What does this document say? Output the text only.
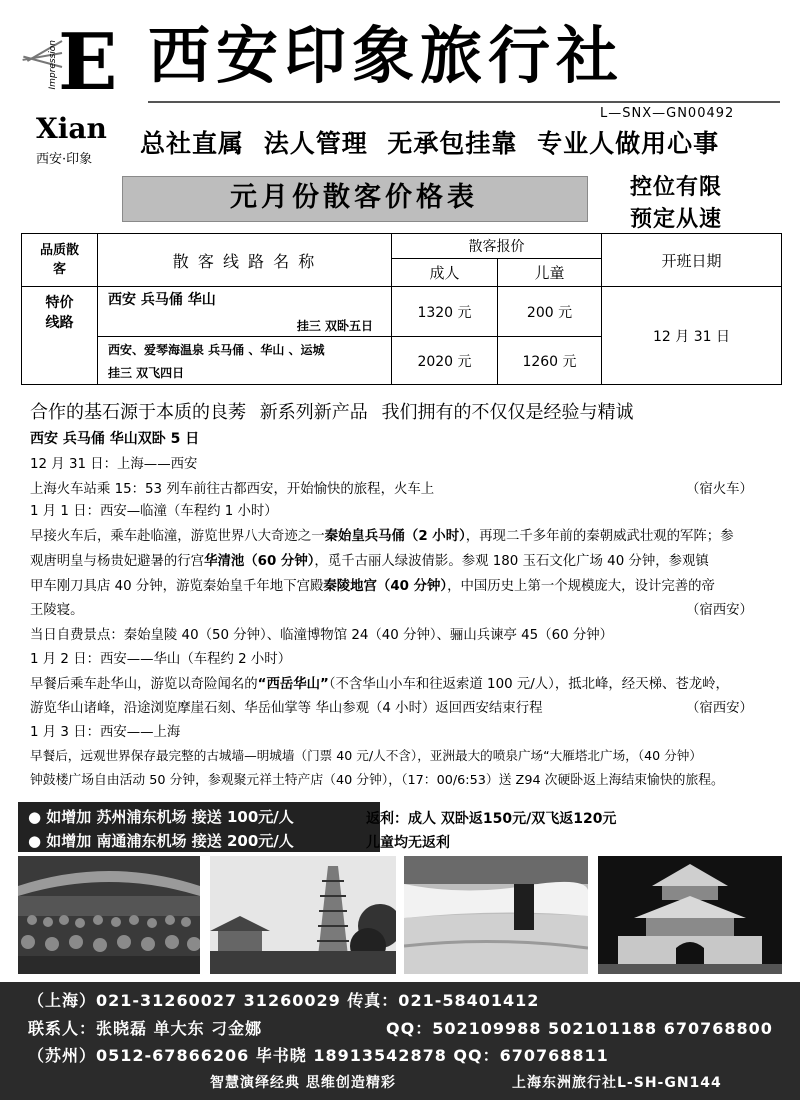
E
Impression
Xian
西安·印象
西安印象旅行社
L—SNX—GN00492
总社直属 法人管理 无承包挂靠 专业人做用心事
元月份散客价格表	控位有限
预定从速
品质散客	散 客 线 路 名 称	散客报价		开班日期
		成人	儿童	
特价线路	西安 兵马俑 华山
挂三 双卧五日	1320 元	200 元	12 月 31 日

	西安、爱琴海温泉 兵马俑 、华山 、运城
挂三 双飞四日	2020 元	1260 元	
合作的基石源于本质的良莠 新系列新产品 我们拥有的不仅仅是经验与精诚
西安 兵马俑 华山双卧 5 日
12 月 31 日：上海——西安
上海火车站乘 15：53 列车前往古都西安，开始愉快的旅程，火车上	（宿火车）
1 月 1 日：西安—临潼（车程约 1 小时）
早接火车后，乘车赴临潼，游览世界八大奇迹之一秦始皇兵马俑（2 小时），再现二千多年前的秦朝威武壮观的军阵；参
观唐明皇与杨贵妃避暑的行宫华清池（60 分钟），觅千古丽人绿波倩影。参观 180 玉石文化广场 40 分钟，参观镇
甲车刚刀具店 40 分钟，游览秦始皇千年地下宫殿秦陵地宫（40 分钟），中国历史上第一个规模庞大，设计完善的帝
王陵寝。	（宿西安）
当日自费景点：秦始皇陵 40（50 分钟）、临潼博物馆 24（40 分钟）、骊山兵谏亭 45（60 分钟）
1 月 2 日：西安——华山（车程约 2 小时）
早餐后乘车赴华山，游览以奇险闻名的“西岳华山”（不含华山小车和往返索道 100 元/人），抵北峰，经天梯、苍龙岭，
游览华山诸峰，沿途浏览摩崖石刻、华岳仙掌等 华山参观（4 小时）返回西安结束行程	（宿西安）
1 月 3 日：西安——上海
早餐后，远观世界保存最完整的古城墙—明城墙（门票 40 元/人不含），亚洲最大的喷泉广场“大雁塔北广场，（40 分钟）
钟鼓楼广场自由活动 50 分钟，参观聚元祥土特产店（40 分钟），（17：00/6:53）送 Z94 次硬卧返上海结束愉快的旅程。
● 如增加 苏州浦东机场 接送 100元/人
● 如增加 南通浦东机场 接送 200元/人
返利：成人 双卧返150元/双飞返120元
儿童均无返利
（上海）021-31260027 31260029 传真：021-58401412
联系人：张晓磊 单大东 刁金娜	QQ：502109988 502101188 670768800
（苏州）0512-67866206 毕书晓 18913542878 QQ：670768811
智慧演绎经典 思维创造精彩	上海东洲旅行社L-SH-GN144
